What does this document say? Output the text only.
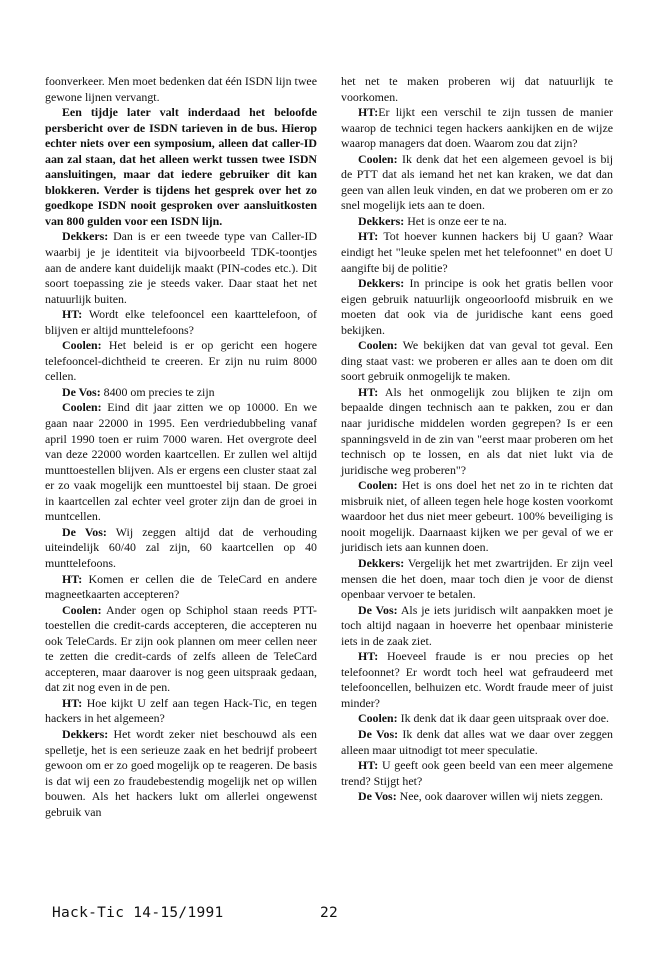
foonverkeer. Men moet bedenken dat één ISDN lijn twee gewone lijnen vervangt.

Een tijdje later valt inderdaad het beloofde persbericht over de ISDN tarieven in de bus. Hierop echter niets over een symposium, alleen dat caller-ID aan zal staan, dat het alleen werkt tussen twee ISDN aansluitingen, maar dat iedere gebruiker dit kan blokkeren. Verder is tijdens het gesprek over het zo goedkope ISDN nooit gesproken over aansluitkosten van 800 gulden voor een ISDN lijn.

Dekkers: Dan is er een tweede type van Caller-ID waarbij je je identiteit via bijvoorbeeld TDK-toontjes aan de andere kant duidelijk maakt (PIN-codes etc.). Dit soort toepassing zie je steeds vaker. Daar staat het net natuurlijk buiten.

HT: Wordt elke telefooncel een kaarttelefoon, of blijven er altijd munttelefoons?

Coolen: Het beleid is er op gericht een hogere telefooncel-dichtheid te creeren. Er zijn nu ruim 8000 cellen.

De Vos: 8400 om precies te zijn

Coolen: Eind dit jaar zitten we op 10000. En we gaan naar 22000 in 1995. Een verdriedubbeling vanaf april 1990 toen er ruim 7000 waren. Het overgrote deel van deze 22000 worden kaartcellen. Er zullen wel altijd munttoestellen blijven. Als er ergens een cluster staat zal er zo vaak mogelijk een munttoestel bij staan. De groei in kaartcellen zal echter veel groter zijn dan de groei in muntcellen.

De Vos: Wij zeggen altijd dat de verhouding uiteindelijk 60/40 zal zijn, 60 kaartcellen op 40 munttelefoons.

HT: Komen er cellen die de TeleCard en andere magneetkaarten accepteren?

Coolen: Ander ogen op Schiphol staan reeds PTT-toestellen die credit-cards accepteren, die accepteren nu ook TeleCards. Er zijn ook plannen om meer cellen neer te zetten die credit-cards of zelfs alleen de TeleCard accepteren, maar daarover is nog geen uitspraak gedaan, dat zit nog even in de pen.

HT: Hoe kijkt U zelf aan tegen Hack-Tic, en tegen hackers in het algemeen?

Dekkers: Het wordt zeker niet beschouwd als een spelletje, het is een serieuze zaak en het bedrijf probeert gewoon om er zo goed mogelijk op te reageren. De basis is dat wij een zo fraudebestendig mogelijk net op willen bouwen. Als het hackers lukt om allerlei ongewenst gebruik van

het net te maken proberen wij dat natuurlijk te voorkomen.

HT:Er lijkt een verschil te zijn tussen de manier waarop de technici tegen hackers aankijken en de wijze waarop managers dat doen. Waarom zou dat zijn?

Coolen: Ik denk dat het een algemeen gevoel is bij de PTT dat als iemand het net kan kraken, we dat dan geen van allen leuk vinden, en dat we proberen om er zo snel mogelijk iets aan te doen.

Dekkers: Het is onze eer te na.

HT: Tot hoever kunnen hackers bij U gaan? Waar eindigt het "leuke spelen met het telefoonnet" en doet U aangifte bij de politie?

Dekkers: In principe is ook het gratis bellen voor eigen gebruik natuurlijk ongeoorloofd misbruik en we moeten dat ook via de juridische kant eens goed bekijken.

Coolen: We bekijken dat van geval tot geval. Een ding staat vast: we proberen er alles aan te doen om dit soort gebruik onmogelijk te maken.

HT: Als het onmogelijk zou blijken te zijn om bepaalde dingen technisch aan te pakken, zou er dan naar juridische middelen worden gegrepen? Is er een spanningsveld in de zin van "eerst maar proberen om het technisch op te lossen, en als dat niet lukt via de juridische weg proberen"?

Coolen: Het is ons doel het net zo in te richten dat misbruik niet, of alleen tegen hele hoge kosten voorkomt waardoor het dus niet meer gebeurt. 100% beveiliging is nooit mogelijk. Daarnaast kijken we per geval of we er juridisch iets aan kunnen doen.

Dekkers: Vergelijk het met zwartrijden. Er zijn veel mensen die het doen, maar toch dien je voor de dienst openbaar vervoer te betalen.

De Vos: Als je iets juridisch wilt aanpakken moet je toch altijd nagaan in hoeverre het openbaar ministerie iets in de zaak ziet.

HT: Hoeveel fraude is er nou precies op het telefoonnet? Er wordt toch heel wat gefraudeerd met telefooncellen, belhuizen etc. Wordt fraude meer of juist minder?

Coolen: Ik denk dat ik daar geen uitspraak over doe.

De Vos: Ik denk dat alles wat we daar over zeggen alleen maar uitnodigt tot meer speculatie.

HT: U geeft ook geen beeld van een meer algemene trend? Stijgt het?

De Vos: Nee, ook daarover willen wij niets zeggen.

Hack-Tic 14-15/1991	22
